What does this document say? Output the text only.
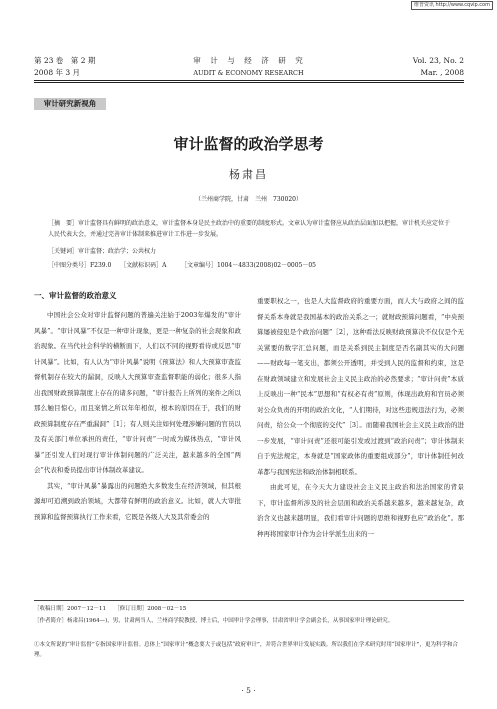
维普资讯 http://www.cqvip.com
第 23 卷　第 2 期
2008 年 3 月
审　计　与　经　济　研　究
AUDIT & ECONOMY RESEARCH
Vol. 23, No. 2
Mar. , 2008
审计研究新视角
审计监督的政治学思考
杨肃昌
（兰州商学院，甘肃　兰州　730020）
［摘　要］审计监督具有鲜明的政治意义，审计监督本身是民主政治中的重要的制度形式。文章认为审计监督应从政治层面加以把握，审计机关应定位于人民代表大会，并通过完善审计体制来推进审计工作进一步发展。
［关键词］审计监督；政治学；公共权力
［中图分类号］F239.0 ［文献标识码］A ［文章编号］1004－4833(2008)02－0005－05
一、审计监督的政治意义

中国社会公众对审计监督问题的普遍关注始于2003年爆发的“审计风暴”。“审计风暴”不仅是一种审计现象，更是一种复杂的社会现象和政治现象。在当代社会科学的横断面下，人们以不同的视野看待或反思“审计风暴”。比如，有人认为“审计风暴”说明《预算法》和人大预算审查监督机制存在较大的漏洞，反映人大预算审查监督职能的弱化；很多人指出我国财政预算制度上存在的诸多问题，“审计报告上所列的案件之所以那么触目惊心，而且案情之所以年年相似，根本的原因在于，我们的财政预算制度存在严重漏洞”［1］；有人则关注如何处理涉嫌问题的官员以及有关部门单位承担的责任，“审计问责”一时成为媒体热点，“审计风暴”还引发人们对现行审计体制问题的广泛关注，越来越多的全国“两会”代表和委员提出审计体制改革建议。

其实，“审计风暴”暴露出的问题绝大多数发生在经济领域，但其根源却可追溯到政治领域，大都带有鲜明的政治意义。比如，就人大审批预算和监督预算执行工作来看，它既是各级人大及其常委会的

重要职权之一，也是人大监督政府的重要方面，而人大与政府之间的监督关系本身就是我国基本的政治关系之一；就财政预算问题看，“中央预算屡被侵犯是个政治问题”［2］，这种看法反映财政预算决不仅仅是个无关紧要的数字汇总问题，而是关系到民主制度是否名副其实的大问题——财政每一笔支出，都须公开透明，并受到人民的监督和约束，这是在财政领域建立和发展社会主义民主政治的必然要求；“审计问责”本质上反映出一种“民本”思想和“有权必有责”原则，体现出政府和官员必须对公众负责的开明的政治文化，“人们期待，对这些违规违法行为，必须问责，给公众一个彻底的交代”［3］。而随着我国社会主义民主政治的进一步发展，“审计问责”还很可能引发或过渡到“政治问责”；审计体制来自于宪法规定，本身就是“国家政体的重要组成部分”，审计体制任何改革都与我国宪法和政治体制相联系。

由此可见，在今天大力建设社会主义民主政治和法治国家的背景下，审计监督所涉及的社会层面和政治关系越来越多，越来越复杂，政治含义也越来越明显，我们看审计问题的思维和视野也应“政治化”。那种再将国家审计作为会计学派生出来的一

［收稿日期］2007－12－11　　［修订日期］2008－02－15
［作者简介］杨肃昌(1964—)，男，甘肃两当人，兰州商学院教授，博士后，中国审计学会理事，甘肃省审计学会副会长，从事国家审计理论研究。
①本文所说的“审计监督”专指国家审计监督。总体上“国家审计”概念要大于或包括“政府审计”，并符合世界审计发展实践。所以我们在学术研究时用“国家审计”，更为科学和合理。
· 5 ·
